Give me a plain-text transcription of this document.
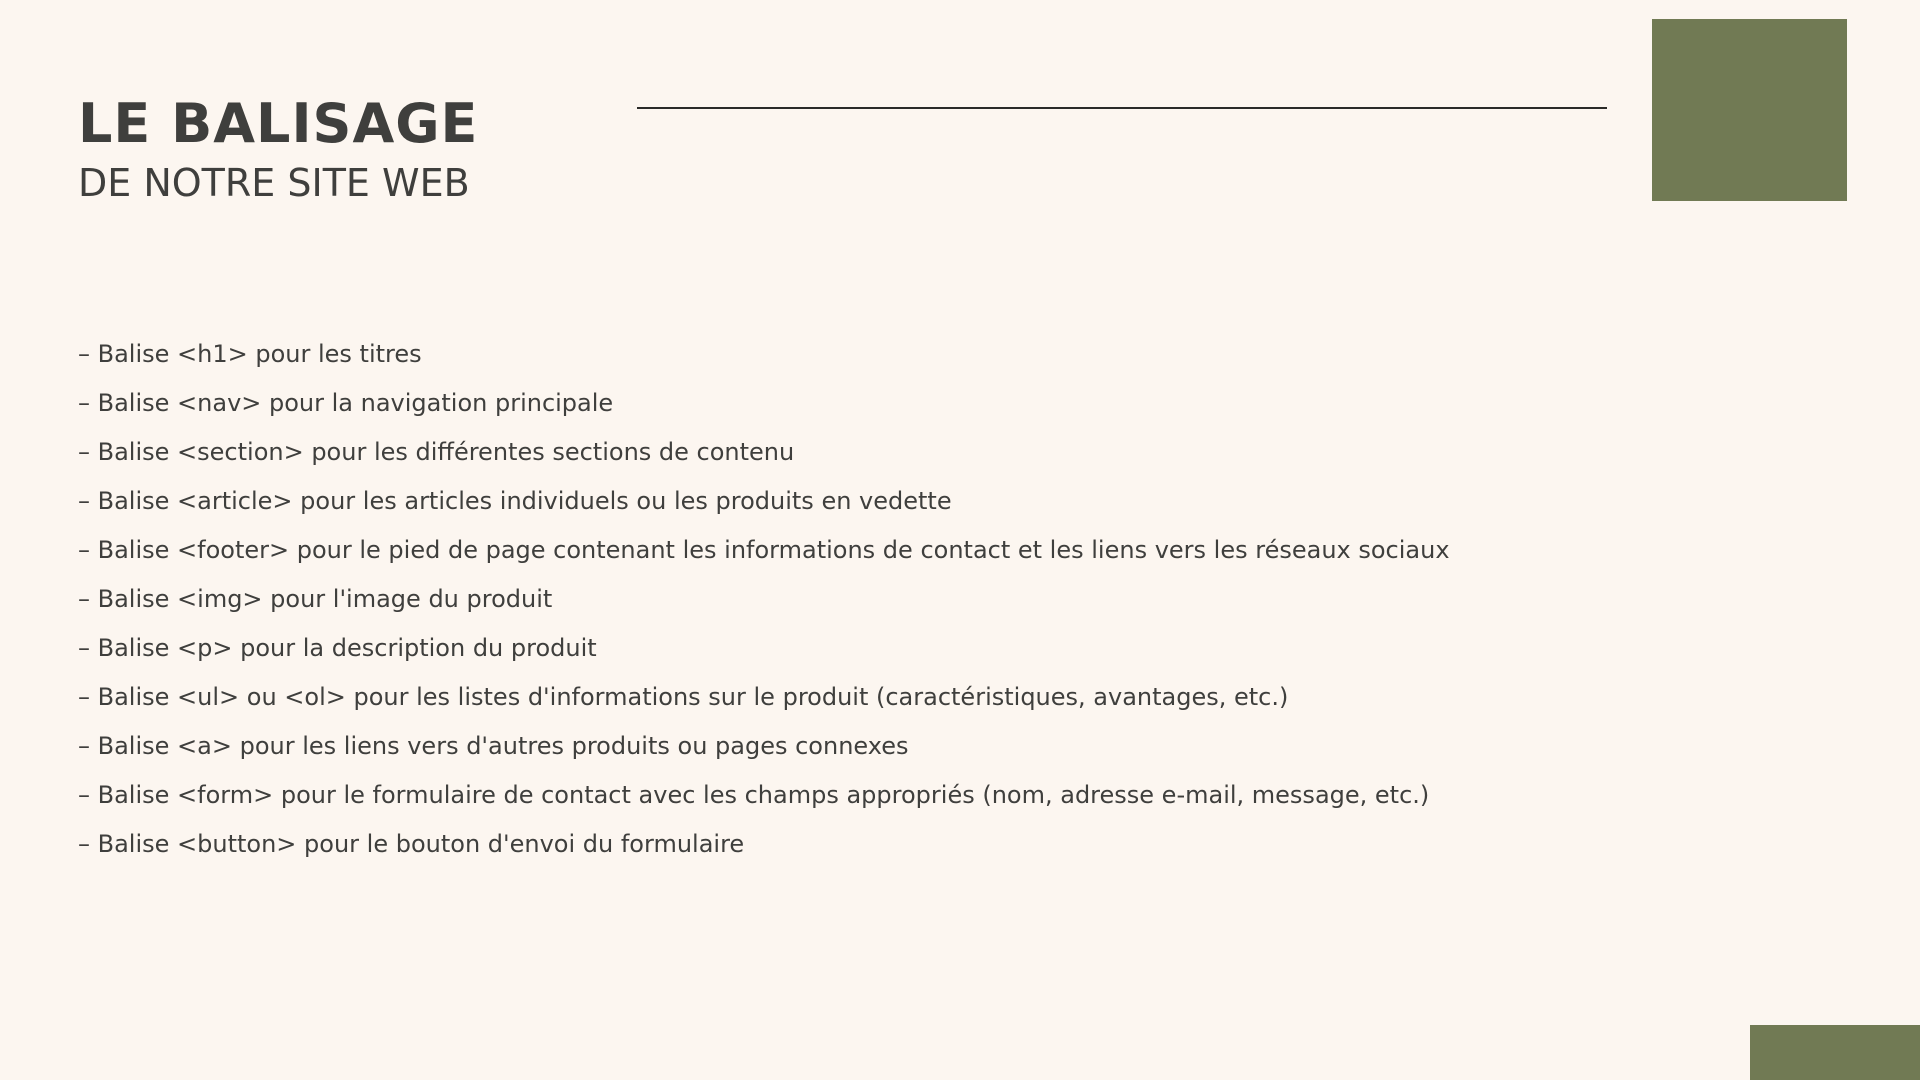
LE BALISAGE
DE NOTRE SITE WEB
– Balise <h1> pour les titres
– Balise <nav> pour la navigation principale
– Balise <section> pour les différentes sections de contenu
– Balise <article> pour les articles individuels ou les produits en vedette
– Balise <footer> pour le pied de page contenant les informations de contact et les liens vers les réseaux sociaux
– Balise <img> pour l'image du produit
– Balise <p> pour la description du produit
– Balise <ul> ou <ol> pour les listes d'informations sur le produit (caractéristiques, avantages, etc.)
– Balise <a> pour les liens vers d'autres produits ou pages connexes
– Balise <form> pour le formulaire de contact avec les champs appropriés (nom, adresse e-mail, message, etc.)
– Balise <button> pour le bouton d'envoi du formulaire
